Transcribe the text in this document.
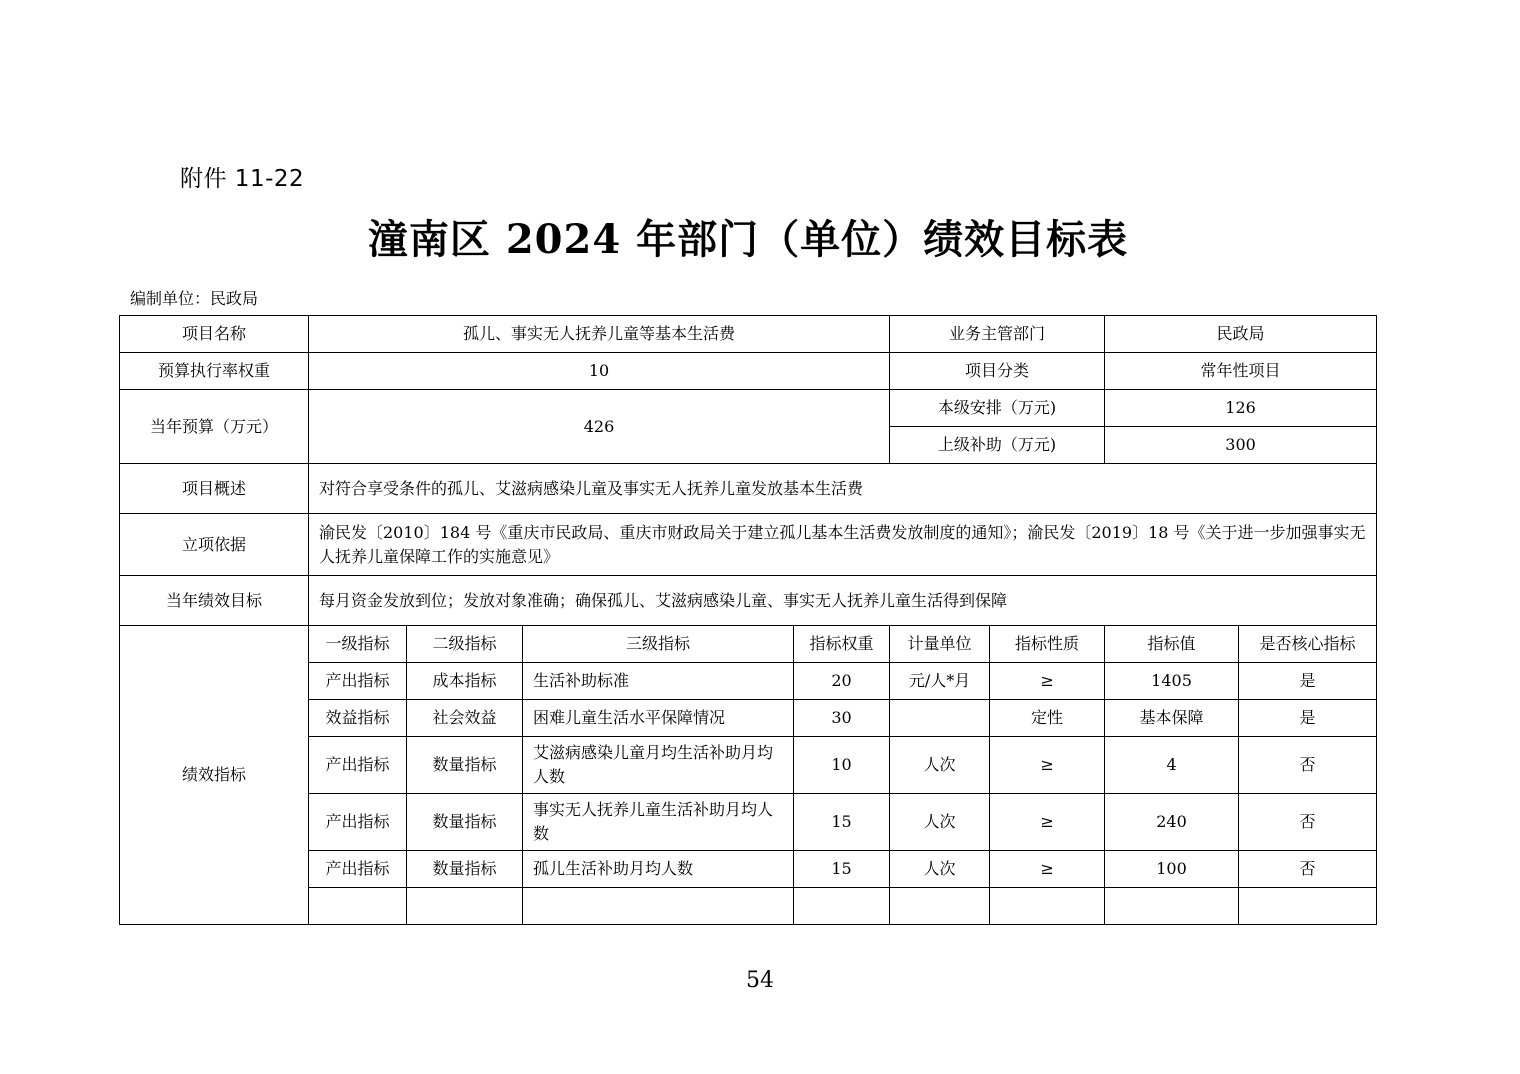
附件 11-22
潼南区 2024 年部门（单位）绩效目标表
编制单位：民政局
项目名称	孤儿、事实无人抚养儿童等基本生活费				业务主管部门		民政局	
预算执行率权重	10				项目分类		常年性项目	
当年预算（万元）	426				本级安排（万元)		126	
					上级补助（万元)		300	
项目概述	对符合享受条件的孤儿、艾滋病感染儿童及事实无人抚养儿童发放基本生活费							
立项依据	渝民发〔2010〕184 号《重庆市民政局、重庆市财政局关于建立孤儿基本生活费发放制度的通知》；渝民发〔2019〕18 号《关于进一步加强事实无人抚养儿童保障工作的实施意见》							
当年绩效目标	每月资金发放到位；发放对象准确；确保孤儿、艾滋病感染儿童、事实无人抚养儿童生活得到保障							
绩效指标	一级指标	二级指标	三级指标	指标权重	计量单位	指标性质	指标值	是否核心指标
	产出指标	成本指标	生活补助标准	20	元/人*月	≥	1405	是
	效益指标	社会效益	困难儿童生活水平保障情况	30		定性	基本保障	是
	产出指标	数量指标	艾滋病感染儿童月均生活补助月均人数	10	人次	≥	4	否
	产出指标	数量指标	事实无人抚养儿童生活补助月均人数	15	人次	≥	240	否
	产出指标	数量指标	孤儿生活补助月均人数	15	人次	≥	100	否

54
